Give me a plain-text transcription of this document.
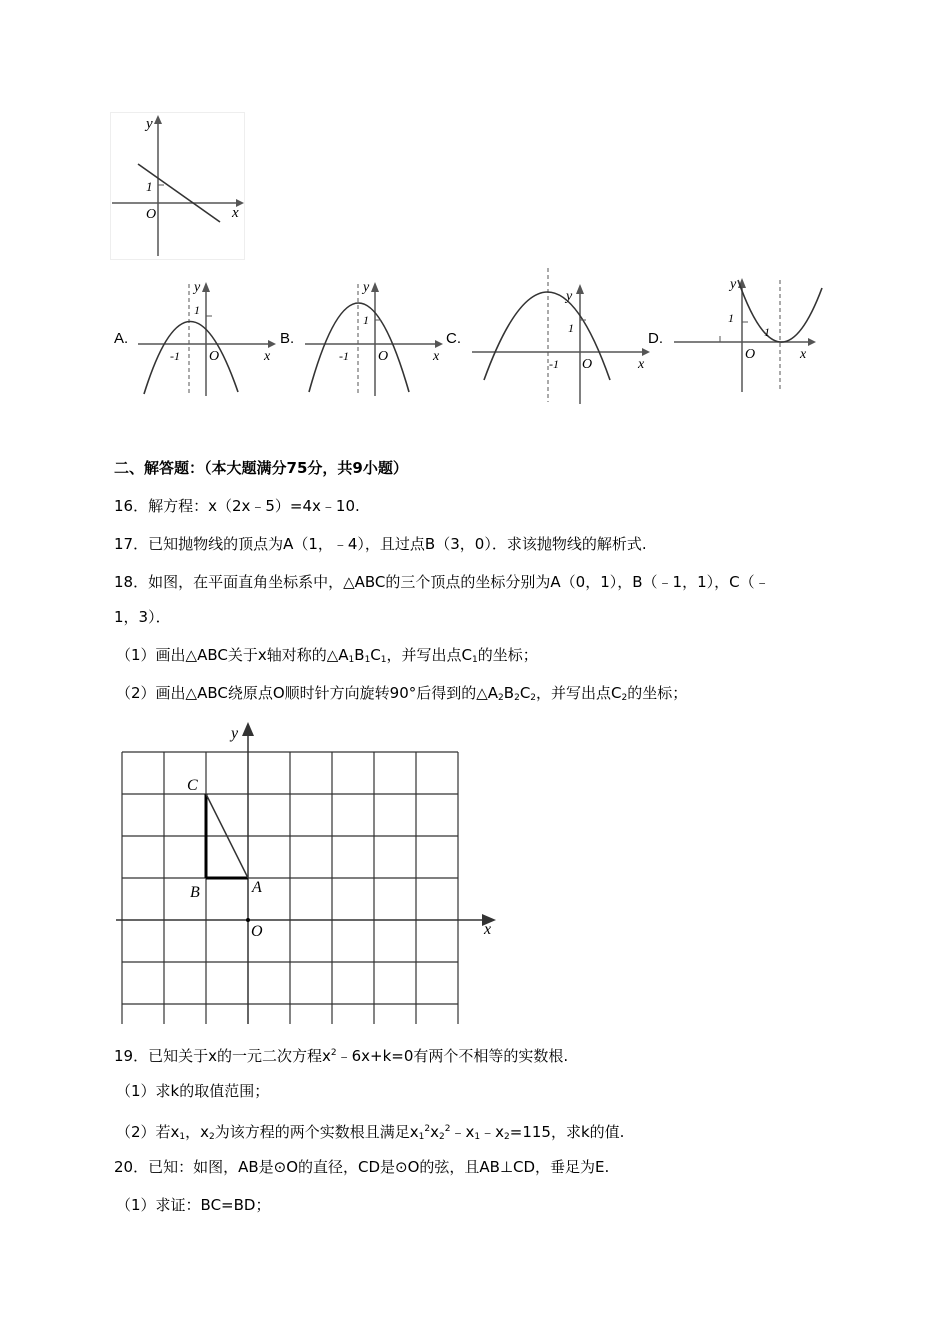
y
1
O	x
A.
y
1
-1 O	x
B.
y
1
-1 O	x
C.
y
1
-1 O	x
D.
y
1
1
O	x
二、解答题：（本大题满分75分，共9小题）
16．解方程：x（2x﹣5）=4x﹣10.
17．已知抛物线的顶点为A（1，﹣4），且过点B（3，0）．求该抛物线的解析式.
18．如图，在平面直角坐标系中，△ABC的三个顶点的坐标分别为A（0，1），B（﹣1，1），C（﹣
1，3）．
（1）画出△ABC关于x轴对称的$\triangle A_1B_1C_1$，并写出点$C_1$的坐标；
（2）画出△ABC绕原点O顺时针方向旋转90°后得到的$\triangle A_2B_2C_2$，并写出点$C_2$的坐标；
y
C
B	A
O	x
19．已知关于x的一元二次方程$x^2﹣6x+k=0$有两个不相等的实数根.
（1）求k的取值范围；
（2）若$x_1$，$x_2$为该方程的两个实数根且满足$x_1^2x_2^2﹣x_1﹣x_2=115$，求k的值.
20．已知：如图，AB是⊙O的直径，CD是⊙O的弦，且AB⊥CD，垂足为E.
（1）求证：BC=BD；
